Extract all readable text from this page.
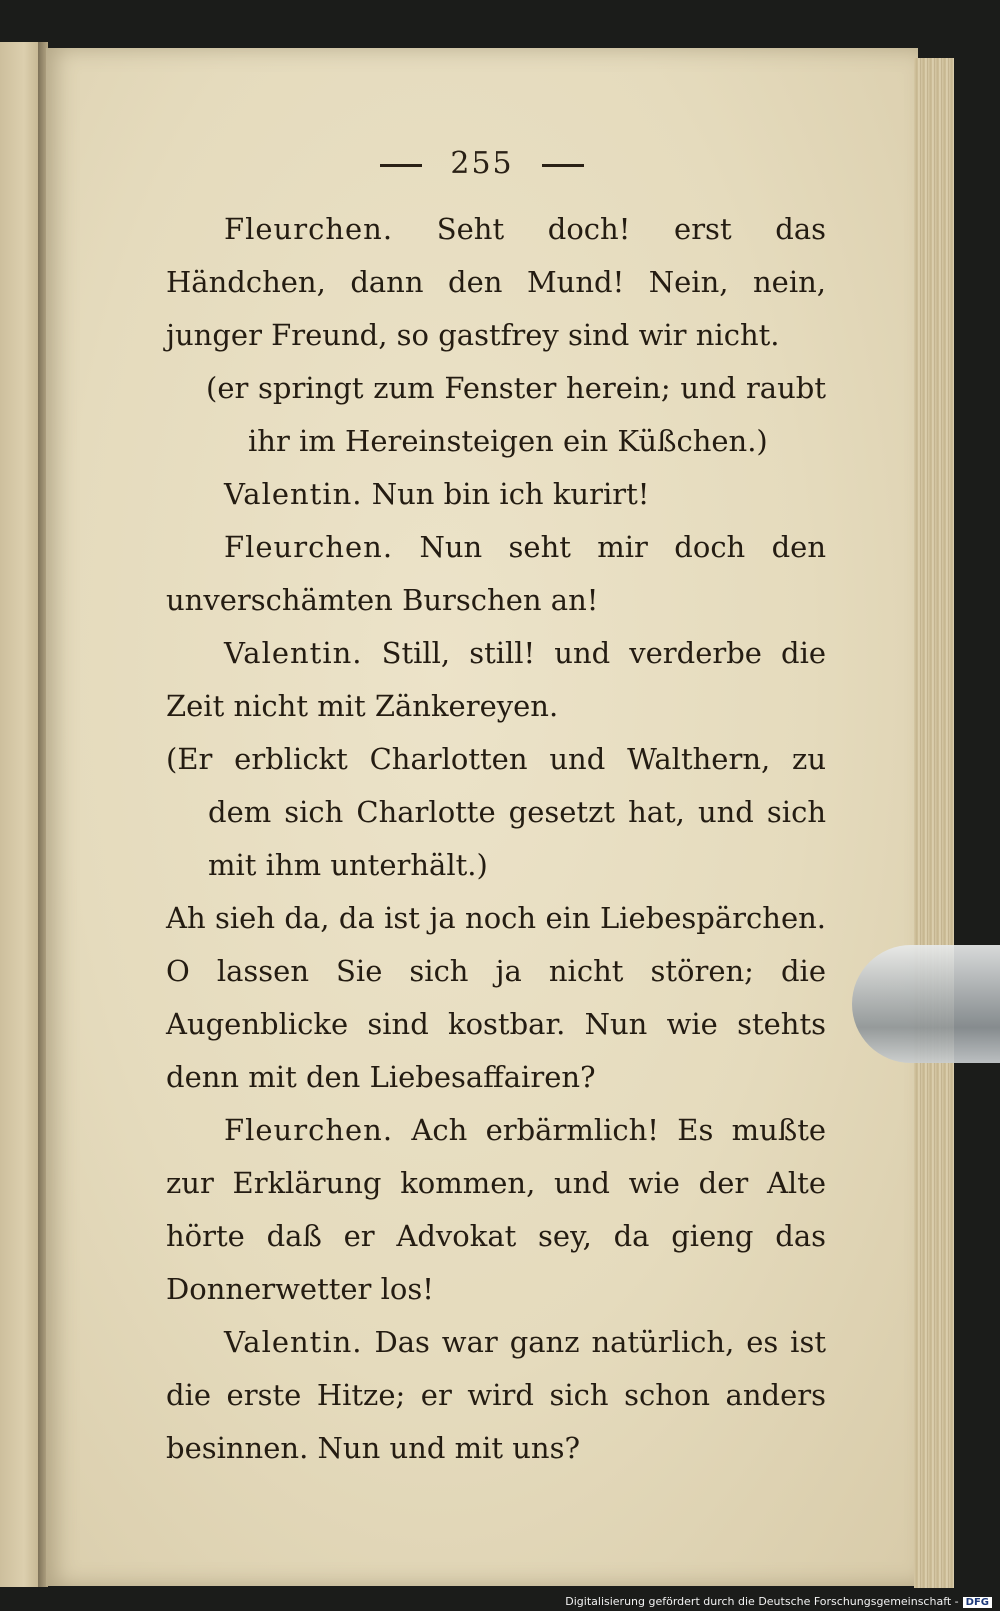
255

Fleurchen. Seht doch! erst das Händchen, dann den Mund! Nein, nein, junger Freund, so gastfrey sind wir nicht.

(er springt zum Fenster herein; und raubt ihr im Hereinsteigen ein Küßchen.)

Valentin. Nun bin ich kurirt!

Fleurchen. Nun seht mir doch den unverschämten Burschen an!

Valentin. Still, still! und verderbe die Zeit nicht mit Zänkereyen.

(Er erblickt Charlotten und Walthern, zu dem sich Charlotte gesetzt hat, und sich mit ihm unterhält.)

Ah sieh da, da ist ja noch ein Liebespärchen. O lassen Sie sich ja nicht stören; die Augenblicke sind kostbar. Nun wie stehts denn mit den Liebesaffairen?

Fleurchen. Ach erbärmlich! Es mußte zur Erklärung kommen, und wie der Alte hörte daß er Advokat sey, da gieng das Donnerwetter los!

Valentin. Das war ganz natürlich, es ist die erste Hitze; er wird sich schon anders besinnen. Nun und mit uns?

Digitalisierung gefördert durch die Deutsche Forschungsgemeinschaft - DFG
